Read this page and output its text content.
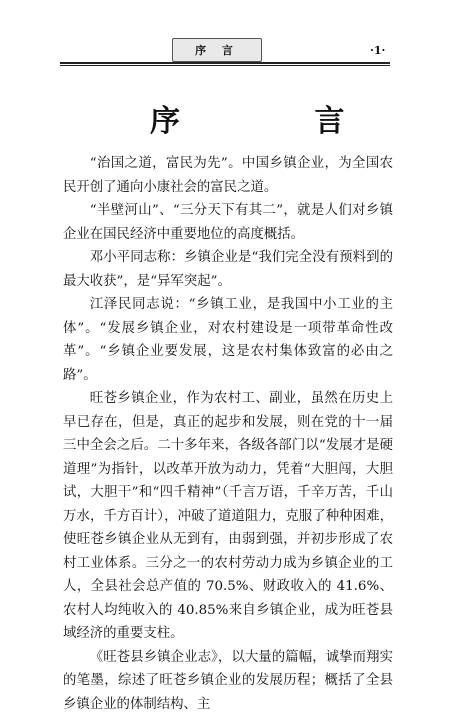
序 言	·1·
序 言

“治国之道，富民为先”。中国乡镇企业，为全国农民开创了通向小康社会的富民之道。

“半壁河山”、“三分天下有其二”，就是人们对乡镇企业在国民经济中重要地位的高度概括。

邓小平同志称：乡镇企业是“我们完全没有预料到的最大收获”，是“异军突起”。

江泽民同志说：“乡镇工业，是我国中小工业的主体”。“发展乡镇企业，对农村建设是一项带革命性改革”。“乡镇企业要发展，这是农村集体致富的必由之路”。

旺苍乡镇企业，作为农村工、副业，虽然在历史上早已存在，但是，真正的起步和发展，则在党的十一届三中全会之后。二十多年来，各级各部门以“发展才是硬道理”为指针，以改革开放为动力，凭着“大胆闯，大胆试，大胆干”和“四千精神”（千言万语，千辛万苦，千山万水，千方百计），冲破了道道阻力，克服了种种困难，使旺苍乡镇企业从无到有，由弱到强，并初步形成了农村工业体系。三分之一的农村劳动力成为乡镇企业的工人，全县社会总产值的 70.5%、财政收入的 41.6%、农村人均纯收入的 40.85%来自乡镇企业，成为旺苍县域经济的重要支柱。

《旺苍县乡镇企业志》，以大量的篇幅，诚挚而翔实的笔墨，综述了旺苍乡镇企业的发展历程；概括了全县乡镇企业的体制结构、主
